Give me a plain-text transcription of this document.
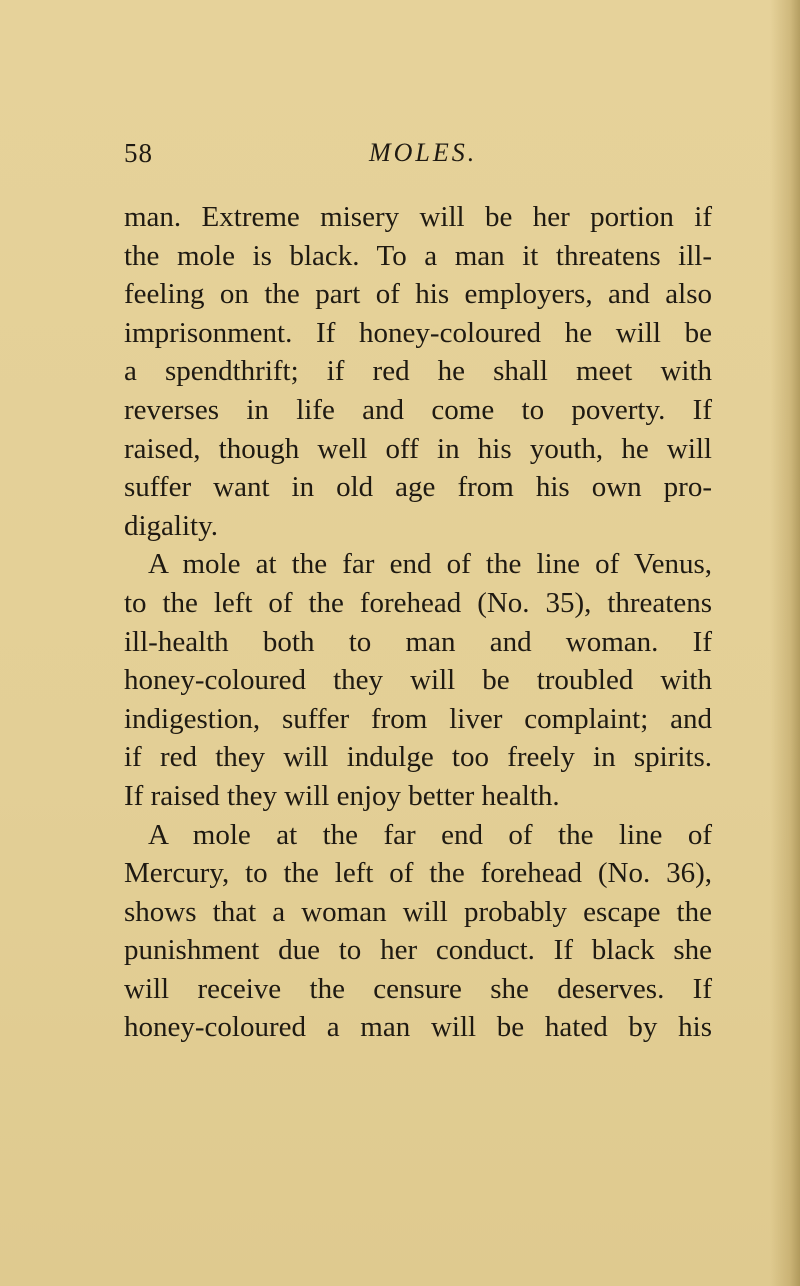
58	MOLES.
man. Extreme misery will be her portion if
the mole is black. To a man it threatens ill-
feeling on the part of his employers, and also
imprisonment. If honey-coloured he will be
a spendthrift; if red he shall meet with
reverses in life and come to poverty. If
raised, though well off in his youth, he will
suffer want in old age from his own pro-
digality.
A mole at the far end of the line of Venus,
to the left of the forehead (No. 35), threatens
ill-health both to man and woman. If
honey-coloured they will be troubled with
indigestion, suffer from liver complaint; and
if red they will indulge too freely in spirits.
If raised they will enjoy better health.
A mole at the far end of the line of
Mercury, to the left of the forehead (No. 36),
shows that a woman will probably escape the
punishment due to her conduct. If black she
will receive the censure she deserves. If
honey-coloured a man will be hated by his
